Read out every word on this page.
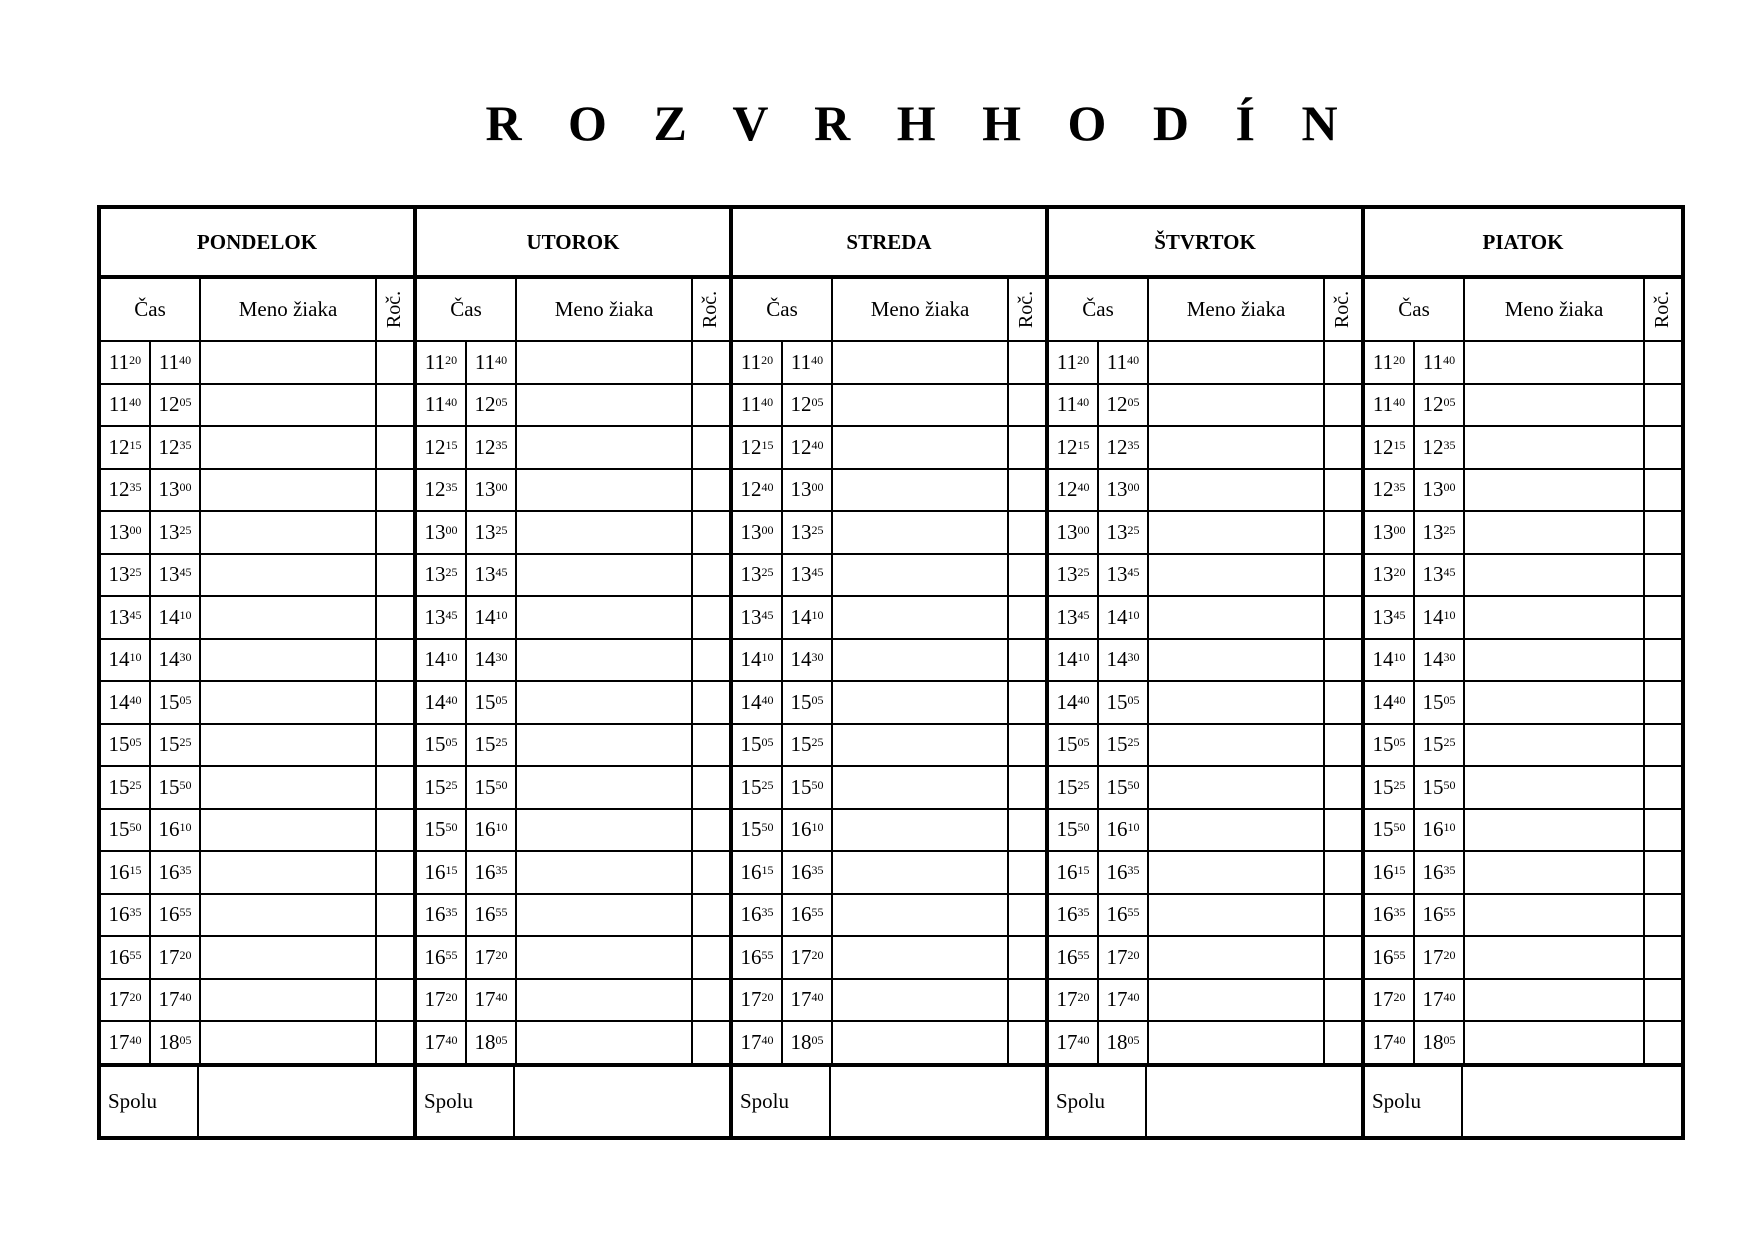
R O Z V R H H O D Í N
PONDELOK
Čas	Meno žiaka	Roč.
$11^{20}$ $11^{40}$
$11^{40}$ $12^{05}$
$12^{15}$ $12^{35}$
$12^{35}$ $13^{00}$
$13^{00}$ $13^{25}$
$13^{25}$ $13^{45}$
$13^{45}$ $14^{10}$
$14^{10}$ $14^{30}$
$14^{40}$ $15^{05}$
$15^{05}$ $15^{25}$
$15^{25}$ $15^{50}$
$15^{50}$ $16^{10}$
$16^{15}$ $16^{35}$
$16^{35}$ $16^{55}$
$16^{55}$ $17^{20}$
$17^{20}$ $17^{40}$
$17^{40}$ $18^{05}$
Spolu
UTOROK
Čas	Meno žiaka	Roč.
$11^{20}$ $11^{40}$
$11^{40}$ $12^{05}$
$12^{15}$ $12^{35}$
$12^{35}$ $13^{00}$
$13^{00}$ $13^{25}$
$13^{25}$ $13^{45}$
$13^{45}$ $14^{10}$
$14^{10}$ $14^{30}$
$14^{40}$ $15^{05}$
$15^{05}$ $15^{25}$
$15^{25}$ $15^{50}$
$15^{50}$ $16^{10}$
$16^{15}$ $16^{35}$
$16^{35}$ $16^{55}$
$16^{55}$ $17^{20}$
$17^{20}$ $17^{40}$
$17^{40}$ $18^{05}$
Spolu
STREDA
Čas	Meno žiaka	Roč.
$11^{20}$ $11^{40}$
$11^{40}$ $12^{05}$
$12^{15}$ $12^{40}$
$12^{40}$ $13^{00}$
$13^{00}$ $13^{25}$
$13^{25}$ $13^{45}$
$13^{45}$ $14^{10}$
$14^{10}$ $14^{30}$
$14^{40}$ $15^{05}$
$15^{05}$ $15^{25}$
$15^{25}$ $15^{50}$
$15^{50}$ $16^{10}$
$16^{15}$ $16^{35}$
$16^{35}$ $16^{55}$
$16^{55}$ $17^{20}$
$17^{20}$ $17^{40}$
$17^{40}$ $18^{05}$
Spolu
ŠTVRTOK
Čas	Meno žiaka	Roč.
$11^{20}$ $11^{40}$
$11^{40}$ $12^{05}$
$12^{15}$ $12^{35}$
$12^{40}$ $13^{00}$
$13^{00}$ $13^{25}$
$13^{25}$ $13^{45}$
$13^{45}$ $14^{10}$
$14^{10}$ $14^{30}$
$14^{40}$ $15^{05}$
$15^{05}$ $15^{25}$
$15^{25}$ $15^{50}$
$15^{50}$ $16^{10}$
$16^{15}$ $16^{35}$
$16^{35}$ $16^{55}$
$16^{55}$ $17^{20}$
$17^{20}$ $17^{40}$
$17^{40}$ $18^{05}$
Spolu
PIATOK
Čas	Meno žiaka	Roč.
$11^{20}$ $11^{40}$
$11^{40}$ $12^{05}$
$12^{15}$ $12^{35}$
$12^{35}$ $13^{00}$
$13^{00}$ $13^{25}$
$13^{20}$ $13^{45}$
$13^{45}$ $14^{10}$
$14^{10}$ $14^{30}$
$14^{40}$ $15^{05}$
$15^{05}$ $15^{25}$
$15^{25}$ $15^{50}$
$15^{50}$ $16^{10}$
$16^{15}$ $16^{35}$
$16^{35}$ $16^{55}$
$16^{55}$ $17^{20}$
$17^{20}$ $17^{40}$
$17^{40}$ $18^{05}$
Spolu
